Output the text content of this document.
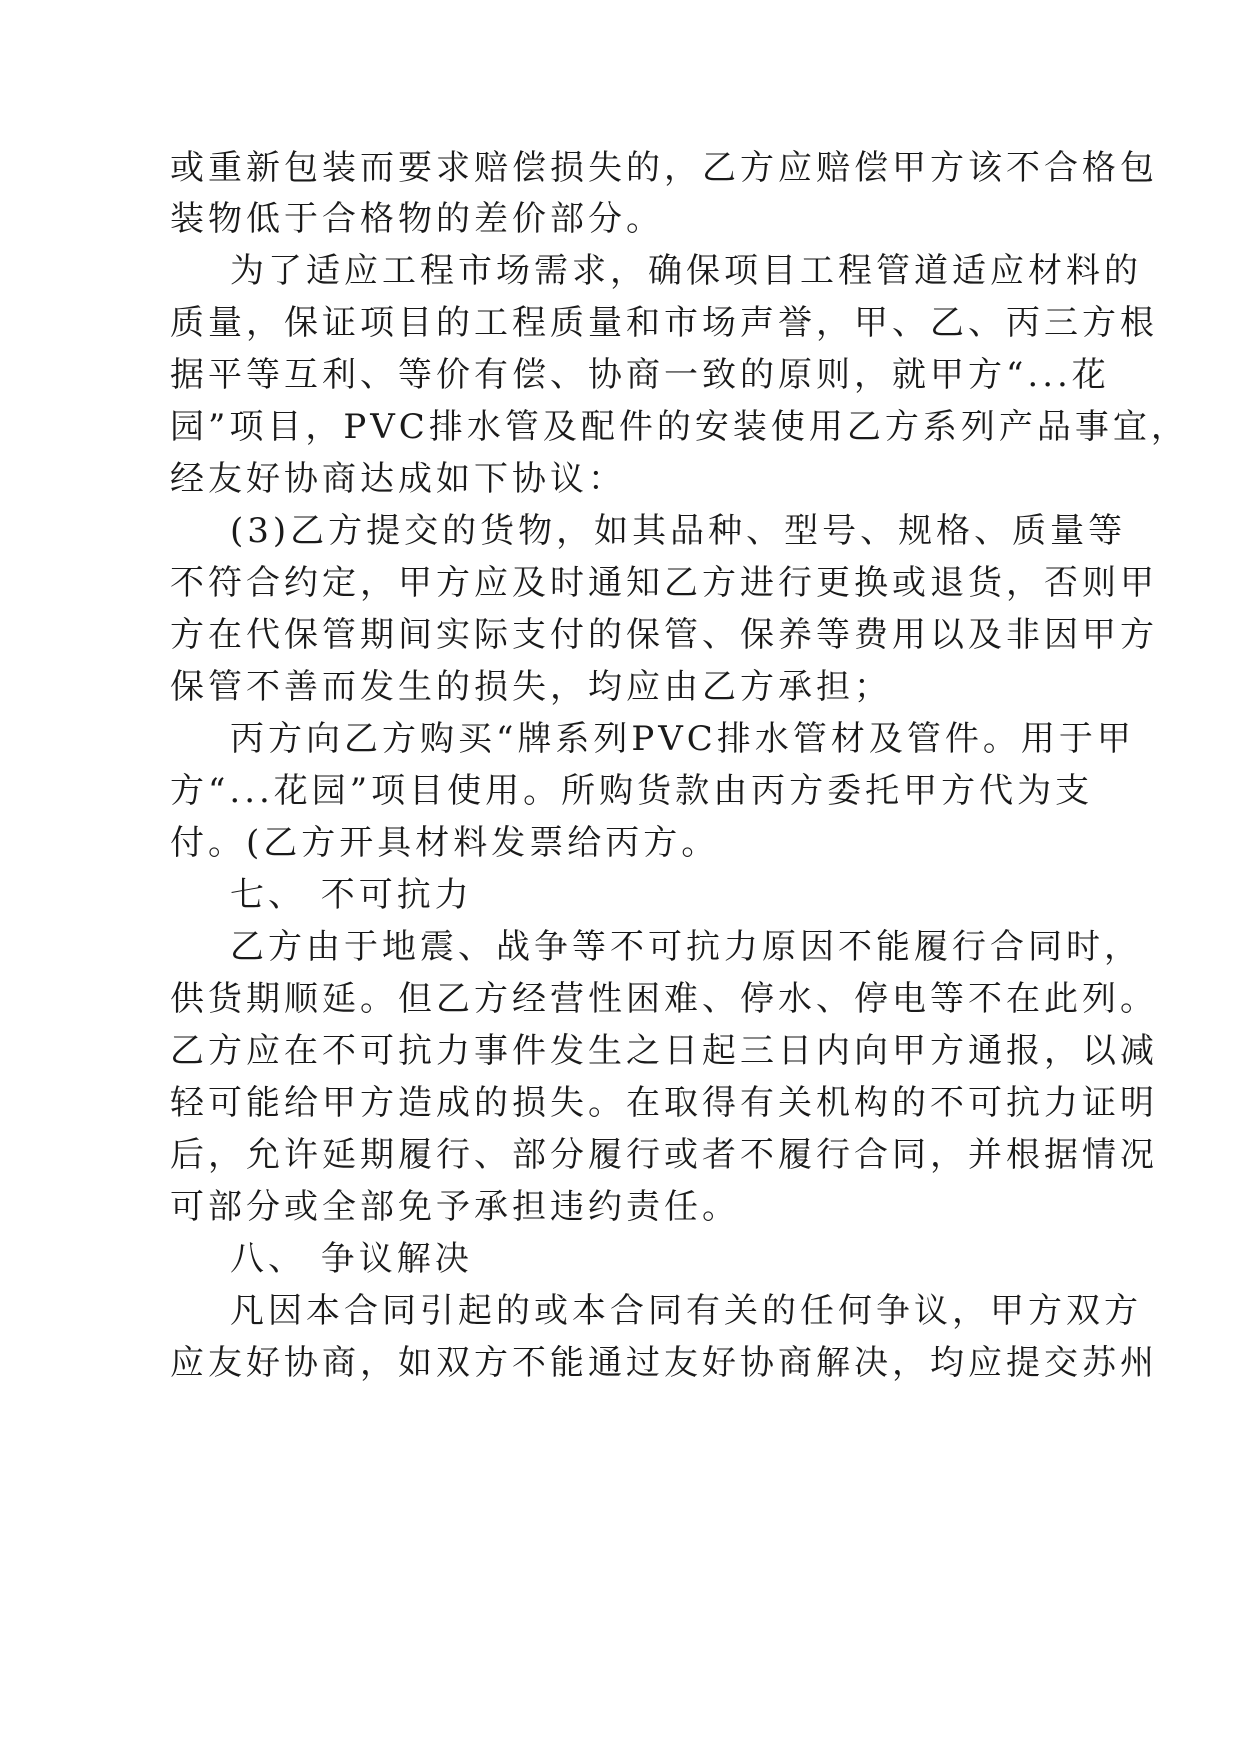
或重新包装而要求赔偿损失的，乙方应赔偿甲方该不合格包
装物低于合格物的差价部分。
为了适应工程市场需求，确保项目工程管道适应材料的
质量，保证项目的工程质量和市场声誉，甲、乙、丙三方根
据平等互利、等价有偿、协商一致的原则，就甲方“...花
园”项目，PVC排水管及配件的安装使用乙方系列产品事宜，
经友好协商达成如下协议：
(3)乙方提交的货物，如其品种、型号、规格、质量等
不符合约定，甲方应及时通知乙方进行更换或退货，否则甲
方在代保管期间实际支付的保管、保养等费用以及非因甲方
保管不善而发生的损失，均应由乙方承担；
丙方向乙方购买“牌系列PVC排水管材及管件。用于甲
方“...花园”项目使用。所购货款由丙方委托甲方代为支
付。(乙方开具材料发票给丙方。
七、 不可抗力
乙方由于地震、战争等不可抗力原因不能履行合同时，
供货期顺延。但乙方经营性困难、停水、停电等不在此列。
乙方应在不可抗力事件发生之日起三日内向甲方通报，以减
轻可能给甲方造成的损失。在取得有关机构的不可抗力证明
后，允许延期履行、部分履行或者不履行合同，并根据情况
可部分或全部免予承担违约责任。
八、 争议解决
凡因本合同引起的或本合同有关的任何争议，甲方双方
应友好协商，如双方不能通过友好协商解决，均应提交苏州
